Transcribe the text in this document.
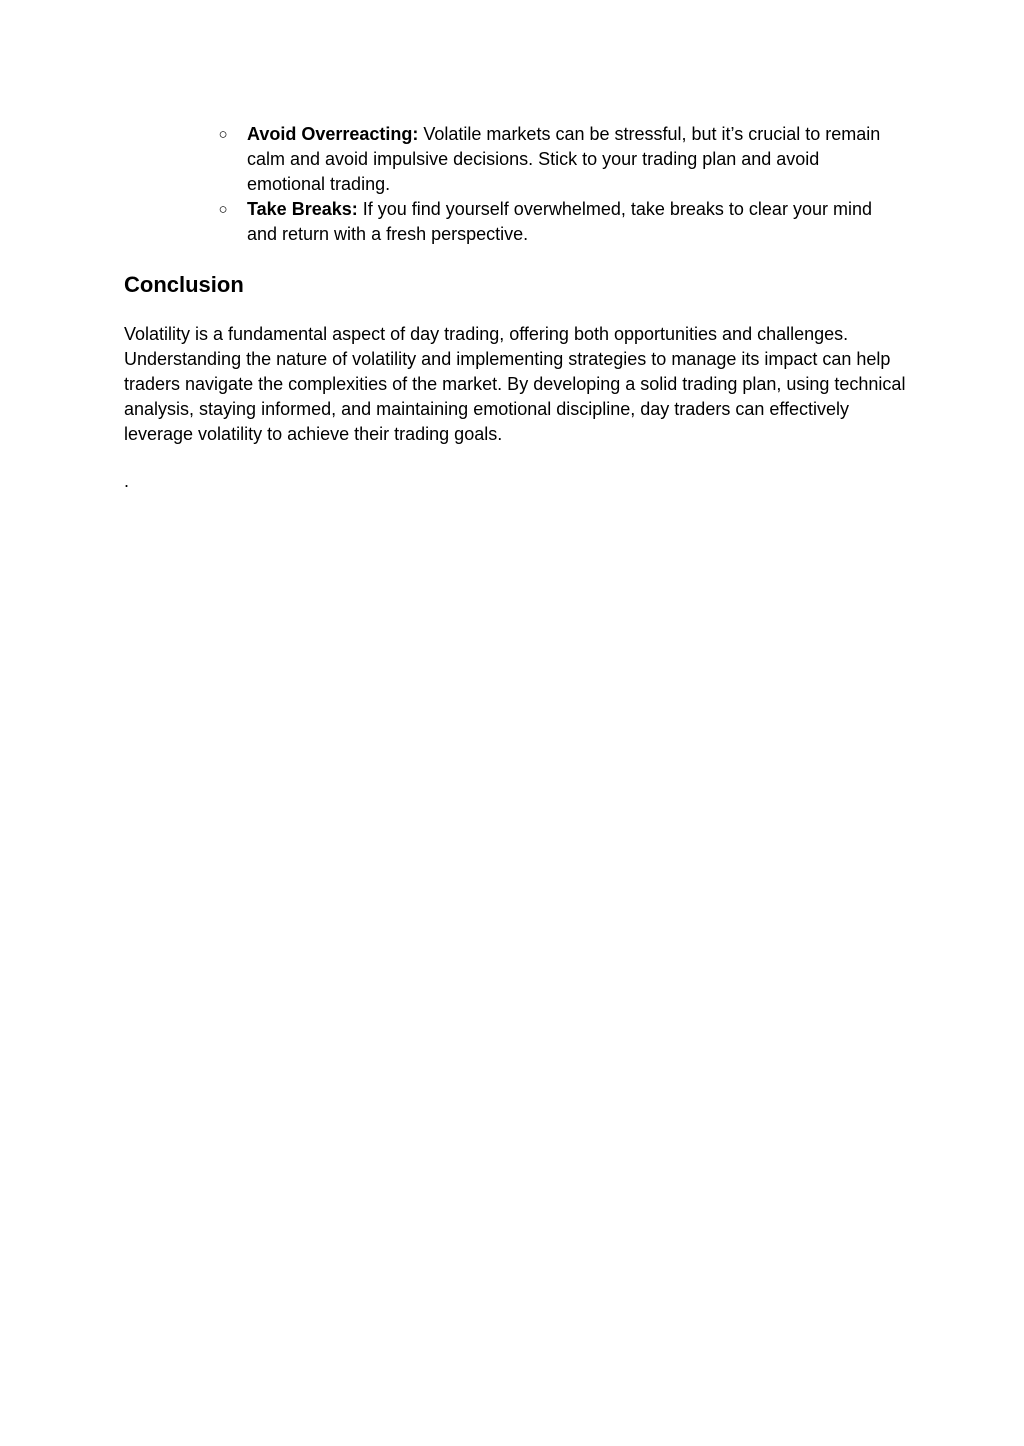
○ Avoid Overreacting: Volatile markets can be stressful, but it’s crucial to remain calm and avoid impulsive decisions. Stick to your trading plan and avoid emotional trading.
○ Take Breaks: If you find yourself overwhelmed, take breaks to clear your mind and return with a fresh perspective.
Conclusion

Volatility is a fundamental aspect of day trading, offering both opportunities and challenges. Understanding the nature of volatility and implementing strategies to manage its impact can help traders navigate the complexities of the market. By developing a solid trading plan, using technical analysis, staying informed, and maintaining emotional discipline, day traders can effectively leverage volatility to achieve their trading goals.

.
